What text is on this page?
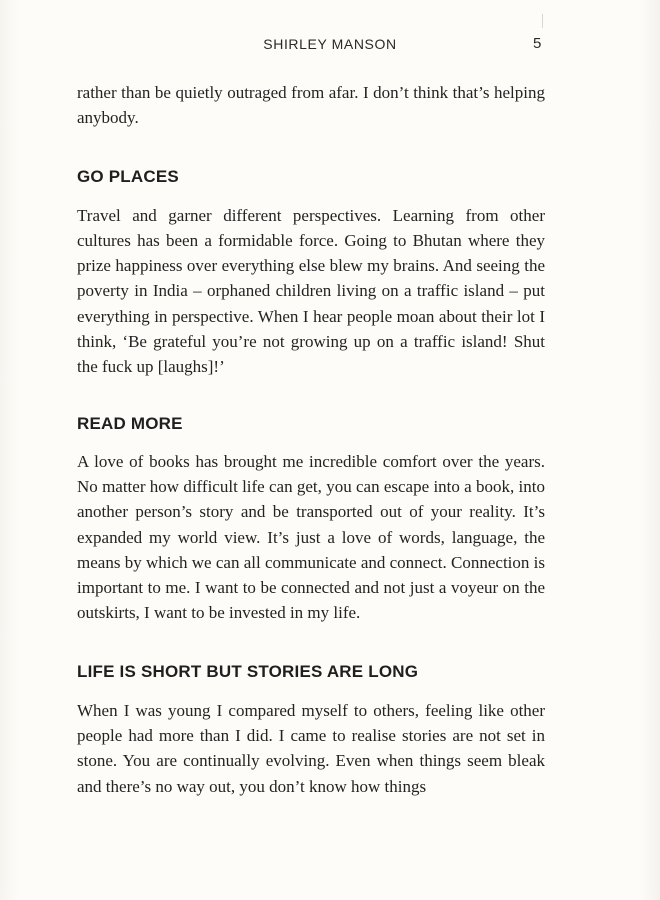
SHIRLEY MANSON	5

rather than be quietly outraged from afar. I don’t think that’s helping anybody.

GO PLACES

Travel and garner different perspectives. Learning from other cultures has been a formidable force. Going to Bhutan where they prize happiness over everything else blew my brains. And seeing the poverty in India – orphaned children living on a traffic island – put everything in perspective. When I hear people moan about their lot I think, ‘Be grateful you’re not growing up on a traffic island! Shut the fuck up [laughs]!’

READ MORE

A love of books has brought me incredible comfort over the years. No matter how difficult life can get, you can escape into a book, into another person’s story and be transported out of your reality. It’s expanded my world view. It’s just a love of words, language, the means by which we can all communicate and connect. Connection is important to me. I want to be connected and not just a voyeur on the outskirts, I want to be invested in my life.

LIFE IS SHORT BUT STORIES ARE LONG

When I was young I compared myself to others, feeling like other people had more than I did. I came to realise stories are not set in stone. You are continually evolving. Even when things seem bleak and there’s no way out, you don’t know how things
